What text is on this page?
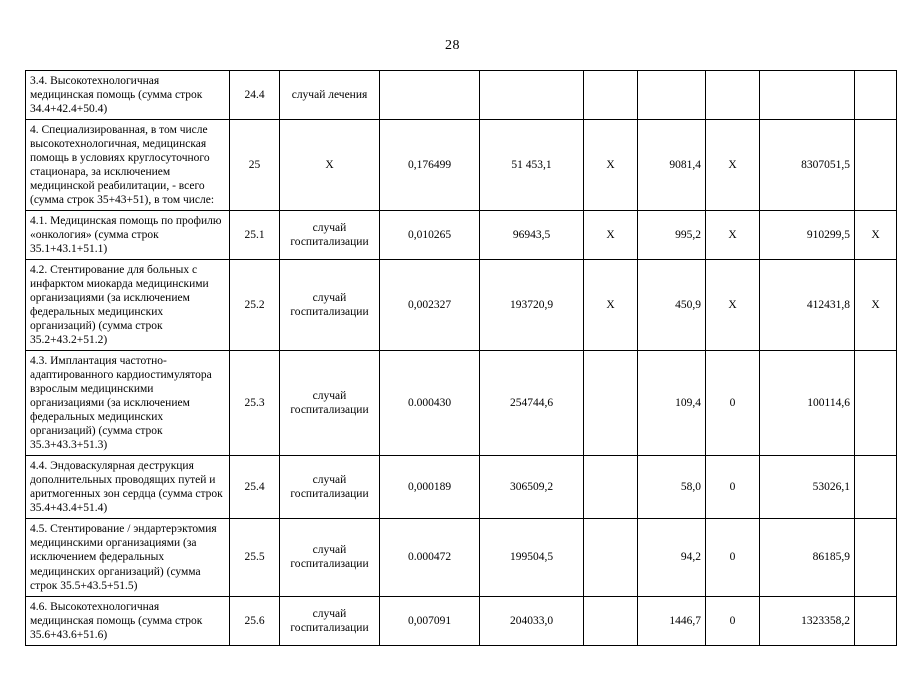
28
3.4. Высокотехнологичная медицинская помощь (сумма строк 34.4+42.4+50.4)	24.4	случай лечения							
4. Специализированная, в том числе высокотехнологичная, медицинская помощь в условиях круглосуточного стационара, за исключением медицинской реабилитации, - всего (сумма строк 35+43+51), в том числе:	25	X	0,176499	51 453,1	X	9081,4	X	8307051,5	
4.1. Медицинская помощь по профилю «онкология» (сумма строк 35.1+43.1+51.1)	25.1	случай госпитализации	0,010265	96943,5	X	995,2	X	910299,5	X
4.2. Стентирование для больных с инфарктом миокарда медицинскими организациями (за исключением федеральных медицинских организаций) (сумма строк 35.2+43.2+51.2)	25.2	случай госпитализации	0,002327	193720,9	X	450,9	X	412431,8	X
4.3. Имплантация частотно-адаптированного кардиостимулятора взрослым медицинскими организациями (за исключением федеральных медицинских организаций) (сумма строк 35.3+43.3+51.3)	25.3	случай госпитализации	0.000430	254744,6		109,4	0	100114,6	
4.4. Эндоваскулярная деструкция дополнительных проводящих путей и аритмогенных зон сердца (сумма строк 35.4+43.4+51.4)	25.4	случай госпитализации	0,000189	306509,2		58,0	0	53026,1	
4.5. Стентирование / эндартерэктомия медицинскими организациями (за исключением федеральных медицинских организаций) (сумма строк 35.5+43.5+51.5)	25.5	случай госпитализации	0.000472	199504,5		94,2	0	86185,9	
4.6. Высокотехнологичная медицинская помощь (сумма строк 35.6+43.6+51.6)	25.6	случай госпитализации	0,007091	204033,0		1446,7	0	1323358,2	
